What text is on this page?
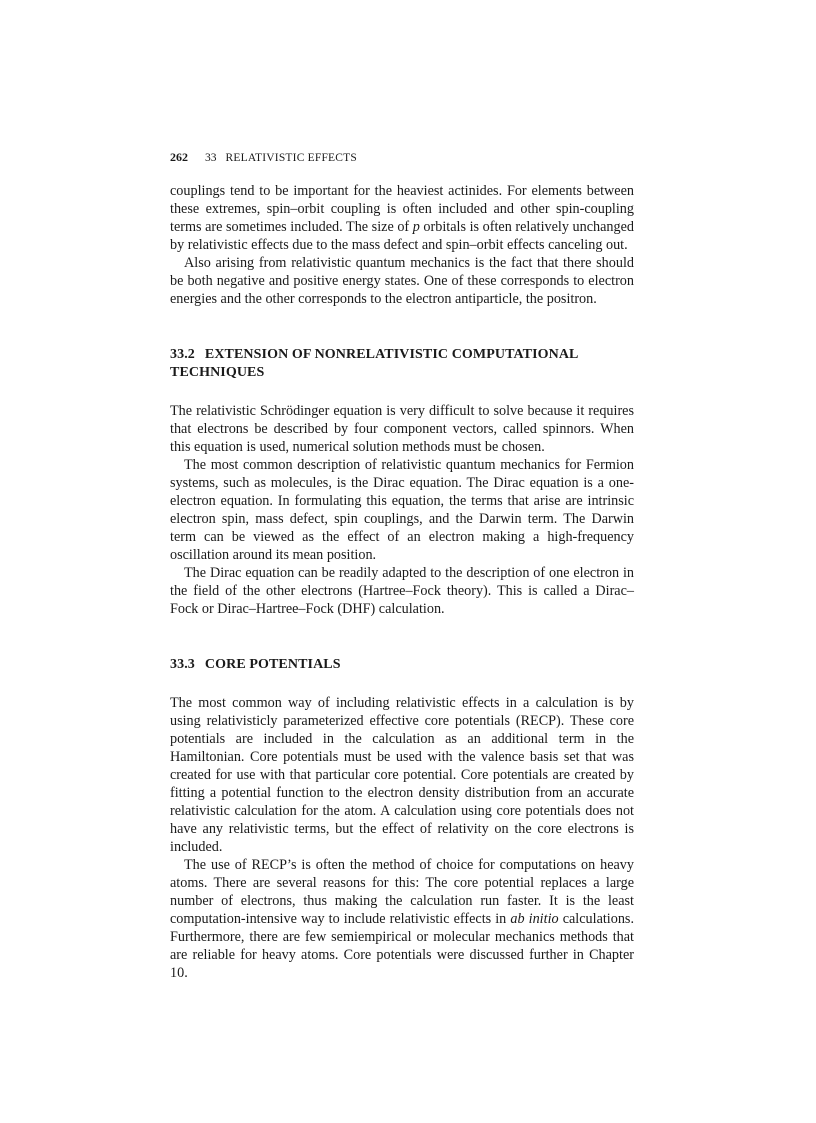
262 33 RELATIVISTIC EFFECTS

couplings tend to be important for the heaviest actinides. For elements between these extremes, spin–orbit coupling is often included and other spin-coupling terms are sometimes included. The size of p orbitals is often relatively unchanged by relativistic effects due to the mass defect and spin–orbit effects canceling out.

Also arising from relativistic quantum mechanics is the fact that there should be both negative and positive energy states. One of these corresponds to electron energies and the other corresponds to the electron antiparticle, the positron.

33.2 EXTENSION OF NONRELATIVISTIC COMPUTATIONAL TECHNIQUES

The relativistic Schrödinger equation is very difficult to solve because it requires that electrons be described by four component vectors, called spinnors. When this equation is used, numerical solution methods must be chosen.

The most common description of relativistic quantum mechanics for Fermion systems, such as molecules, is the Dirac equation. The Dirac equation is a one-electron equation. In formulating this equation, the terms that arise are intrinsic electron spin, mass defect, spin couplings, and the Darwin term. The Darwin term can be viewed as the effect of an electron making a high-frequency oscillation around its mean position.

The Dirac equation can be readily adapted to the description of one electron in the field of the other electrons (Hartree–Fock theory). This is called a Dirac–Fock or Dirac–Hartree–Fock (DHF) calculation.

33.3 CORE POTENTIALS

The most common way of including relativistic effects in a calculation is by using relativisticly parameterized effective core potentials (RECP). These core potentials are included in the calculation as an additional term in the Hamiltonian. Core potentials must be used with the valence basis set that was created for use with that particular core potential. Core potentials are created by fitting a potential function to the electron density distribution from an accurate relativistic calculation for the atom. A calculation using core potentials does not have any relativistic terms, but the effect of relativity on the core electrons is included.

The use of RECP’s is often the method of choice for computations on heavy atoms. There are several reasons for this: The core potential replaces a large number of electrons, thus making the calculation run faster. It is the least computation-intensive way to include relativistic effects in ab initio calculations. Furthermore, there are few semiempirical or molecular mechanics methods that are reliable for heavy atoms. Core potentials were discussed further in Chapter 10.
